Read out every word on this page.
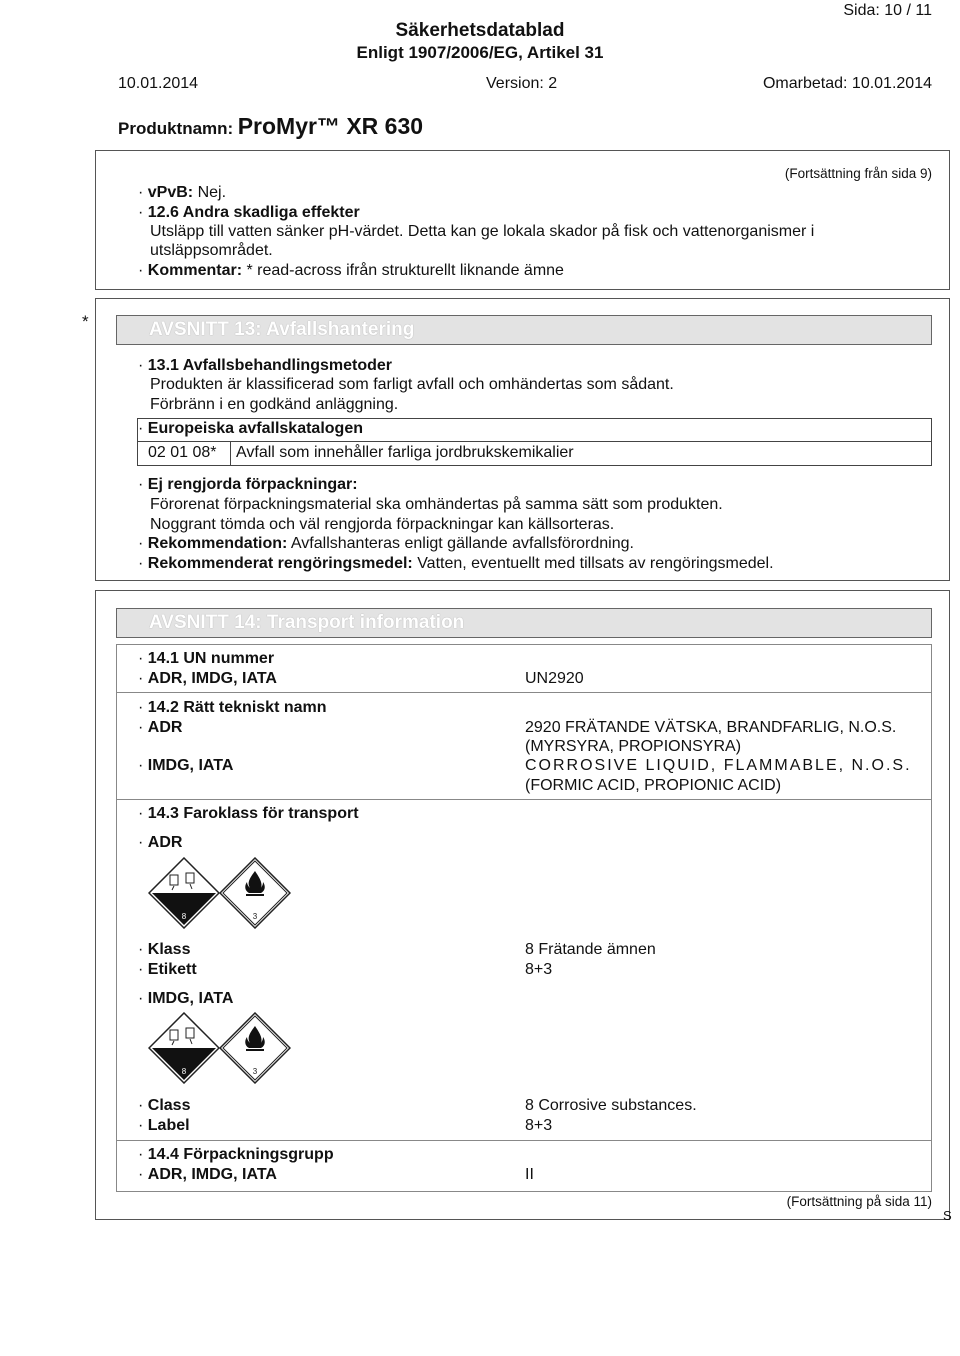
Sida: 10 / 11
Säkerhetsdatablad
Enligt 1907/2006/EG, Artikel 31
10.01.2014	Version: 2	Omarbetad: 10.01.2014
Produktnamn: ProMyr™ XR 630
(Fortsättning från sida 9)
· vPvB: Nej.
· 12.6 Andra skadliga effekter
Utsläpp till vatten sänker pH-värdet. Detta kan ge lokala skador på fisk och vattenorganismer i
utsläppsområdet.
· Kommentar: * read-across ifrån strukturellt liknande ämne
*	AVSNITT 13: Avfallshantering
· 13.1 Avfallsbehandlingsmetoder
Produkten är klassificerad som farligt avfall och omhändertas som sådant.
Förbränn i en godkänd anläggning.
· Europeiska avfallskatalogen
02 01 08* Avfall som innehåller farliga jordbrukskemikalier
· Ej rengjorda förpackningar:
Förorenat förpackningsmaterial ska omhändertas på samma sätt som produkten.
Noggrant tömda och väl rengjorda förpackningar kan källsorteras.
· Rekommendation: Avfallshanteras enligt gällande avfallsförordning.
· Rekommenderat rengöringsmedel: Vatten, eventuellt med tillsats av rengöringsmedel.
AVSNITT 14: Transport information
· 14.1 UN nummer
· ADR, IMDG, IATA	UN2920
· 14.2 Rätt tekniskt namn
· ADR	2920 FRÄTANDE VÄTSKA, BRANDFARLIG, N.O.S.
(MYRSYRA, PROPIONSYRA)
· IMDG, IATA	CORROSIVE LIQUID, FLAMMABLE, N.O.S.
(FORMIC ACID, PROPIONIC ACID)
· 14.3 Faroklass för transport
· ADR
8	3
· Klass	8 Frätande ämnen
· Etikett	8+3
· IMDG, IATA
8	3
· Class	8 Corrosive substances.
· Label	8+3
· 14.4 Förpackningsgrupp
· ADR, IMDG, IATA	II
(Fortsättning på sida 11)
S
